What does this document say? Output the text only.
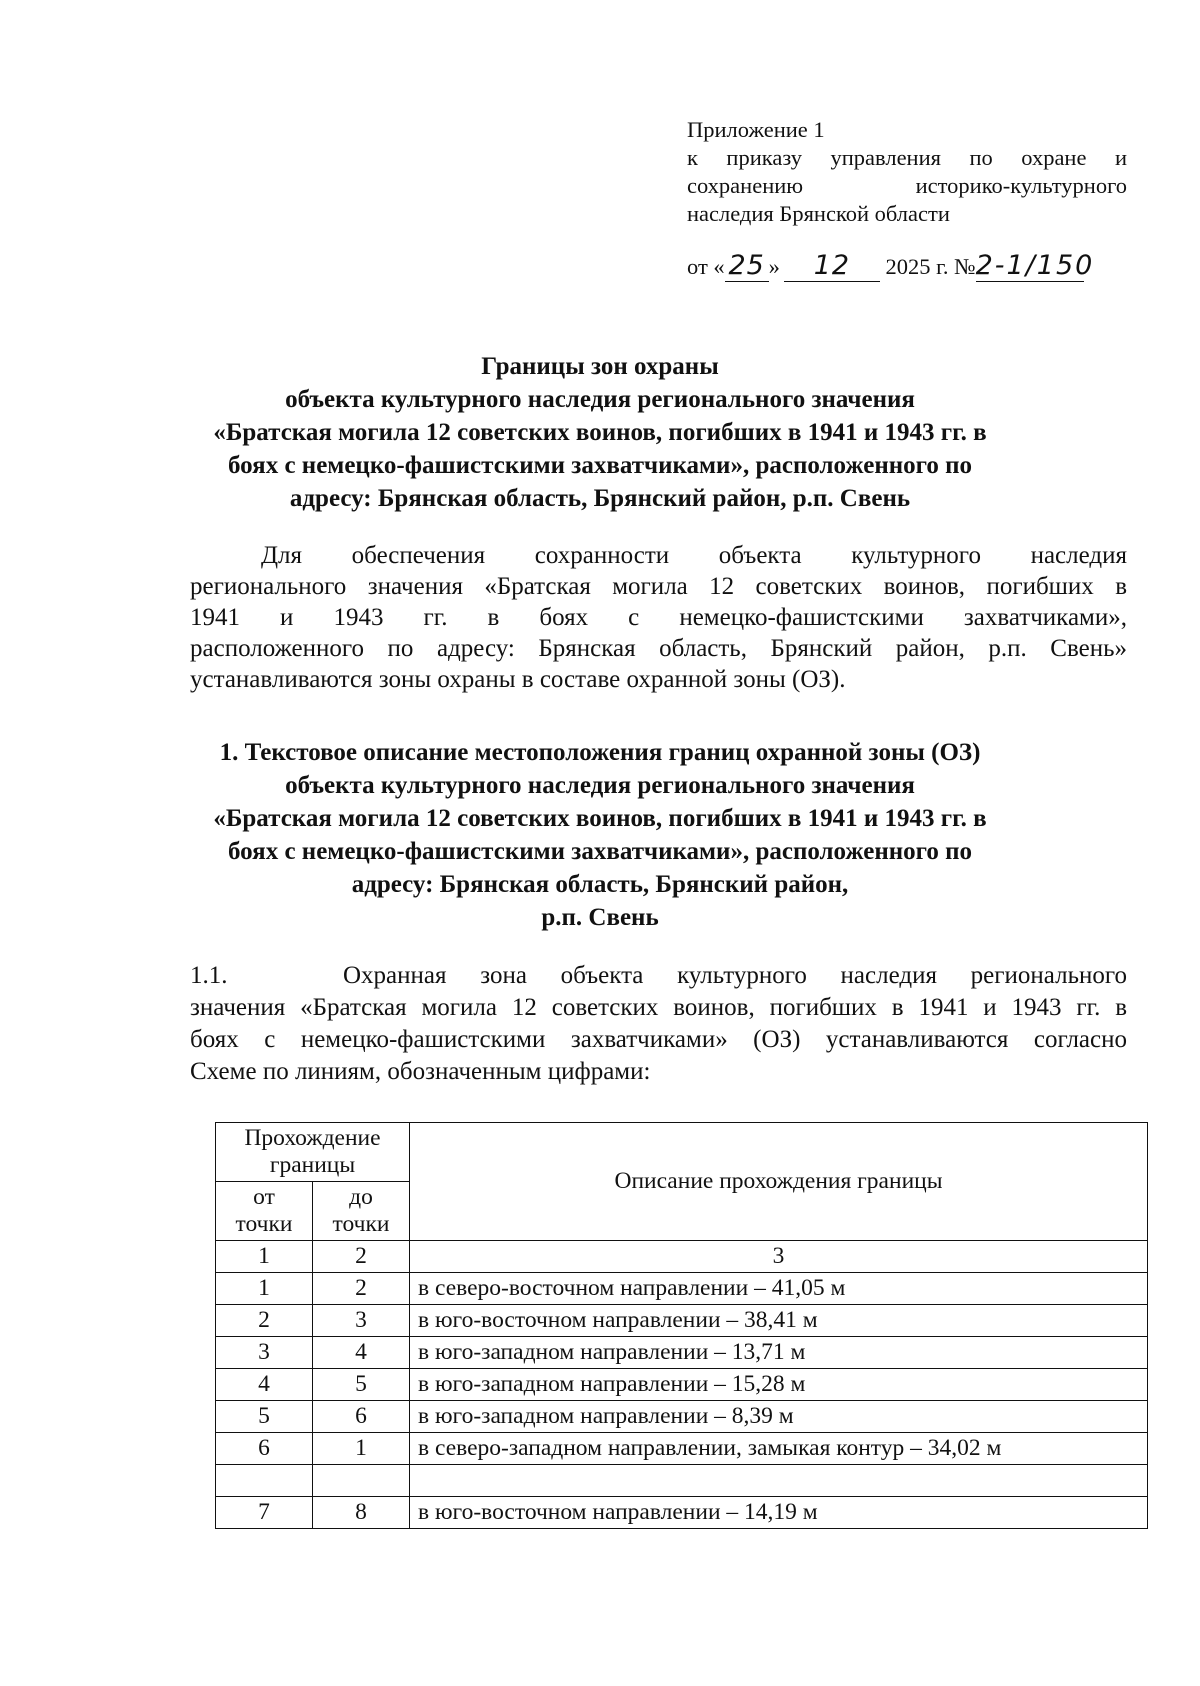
Приложение 1
к приказу управления по охране и
сохранению историко-культурного
наследия Брянской области
от « 25 » 12 2025 г. №2-1/150
Границы зон охраны
объекта культурного наследия регионального значения
«Братская могила 12 советских воинов, погибших в 1941 и 1943 гг. в
боях с немецко-фашистскими захватчиками», расположенного по
адресу: Брянская область, Брянский район, р.п. Свень
Для обеспечения сохранности объекта культурного наследия
регионального значения «Братская могила 12 советских воинов, погибших в
1941 и 1943 гг. в боях с немецко-фашистскими захватчиками»,
расположенного по адресу: Брянская область, Брянский район, р.п. Свень»
устанавливаются зоны охраны в составе охранной зоны (ОЗ).
1. Текстовое описание местоположения границ охранной зоны (ОЗ)
объекта культурного наследия регионального значения
«Братская могила 12 советских воинов, погибших в 1941 и 1943 гг. в
боях с немецко-фашистскими захватчиками», расположенного по
адресу: Брянская область, Брянский район,
р.п. Свень
1.1.	Охранная зона объекта культурного наследия регионального
значения «Братская могила 12 советских воинов, погибших в 1941 и 1943 гг. в
боях с немецко-фашистскими захватчиками» (ОЗ) устанавливаются согласно
Схеме по линиям, обозначенным цифрами:
Прохождение границы		Описание прохождения границы
от точки	до точки	
1	2	3
1	2	в северо-восточном направлении – 41,05 м
2	3	в юго-восточном направлении – 38,41 м
3	4	в юго-западном направлении – 13,71 м
4	5	в юго-западном направлении – 15,28 м
5	6	в юго-западном направлении – 8,39 м
6	1	в северо-западном направлении, замыкая контур – 34,02 м

7	8	в юго-восточном направлении – 14,19 м
